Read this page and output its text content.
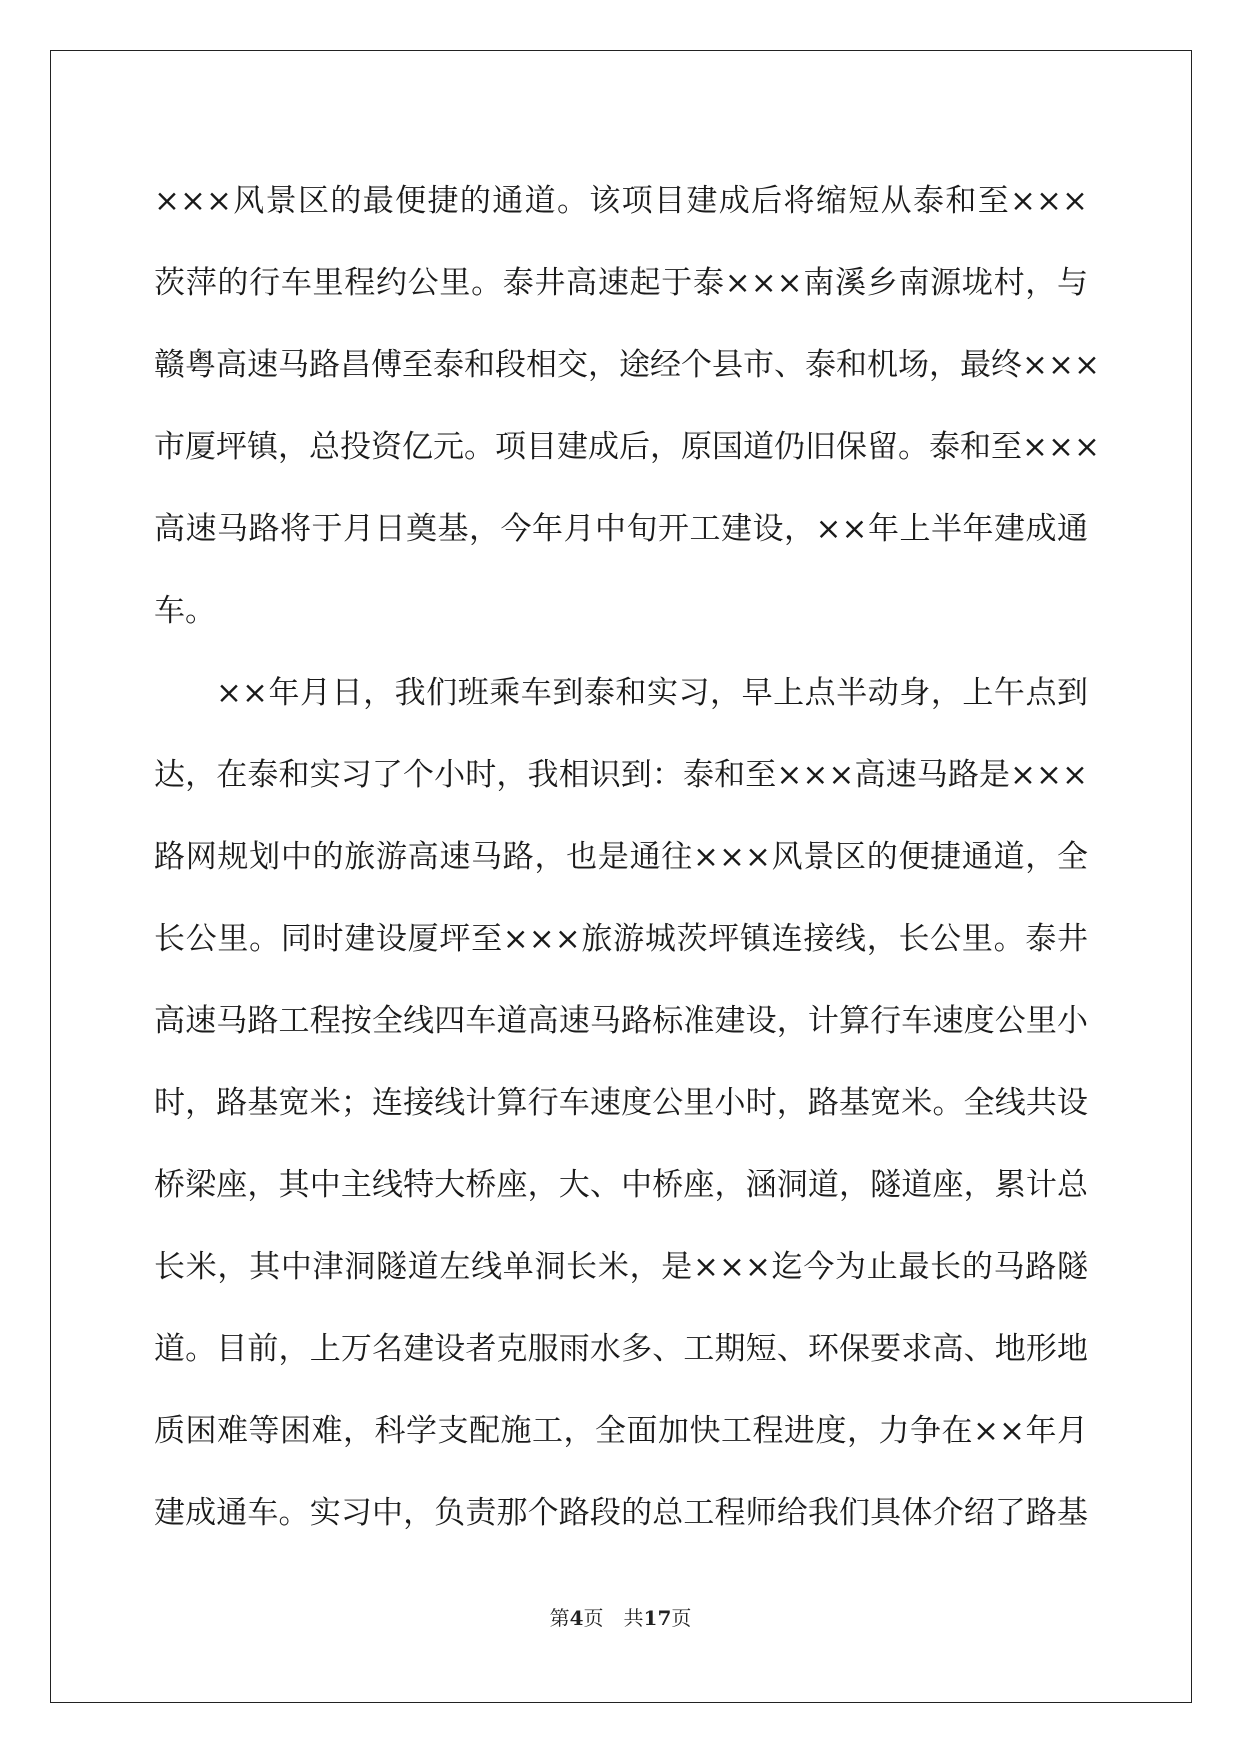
×××风景区的最便捷的通道。该项目建成后将缩短从泰和至×××
茨萍的行车里程约公里。泰井高速起于泰×××南溪乡南源垅村，与
赣粤高速马路昌傅至泰和段相交，途经个县市、泰和机场，最终×××
市厦坪镇，总投资亿元。项目建成后，原国道仍旧保留。泰和至×××
高速马路将于月日奠基，今年月中旬开工建设，××年上半年建成通
车。
××年月日，我们班乘车到泰和实习，早上点半动身，上午点到
达，在泰和实习了个小时，我相识到：泰和至×××高速马路是×××
路网规划中的旅游高速马路，也是通往×××风景区的便捷通道，全
长公里。同时建设厦坪至×××旅游城茨坪镇连接线，长公里。泰井
高速马路工程按全线四车道高速马路标准建设，计算行车速度公里小
时，路基宽米；连接线计算行车速度公里小时，路基宽米。全线共设
桥梁座，其中主线特大桥座，大、中桥座，涵洞道，隧道座，累计总
长米，其中津洞隧道左线单洞长米，是×××迄今为止最长的马路隧
道。目前，上万名建设者克服雨水多、工期短、环保要求高、地形地
质困难等困难，科学支配施工，全面加快工程进度，力争在××年月
建成通车。实习中，负责那个路段的总工程师给我们具体介绍了路基
第4页 共17页
